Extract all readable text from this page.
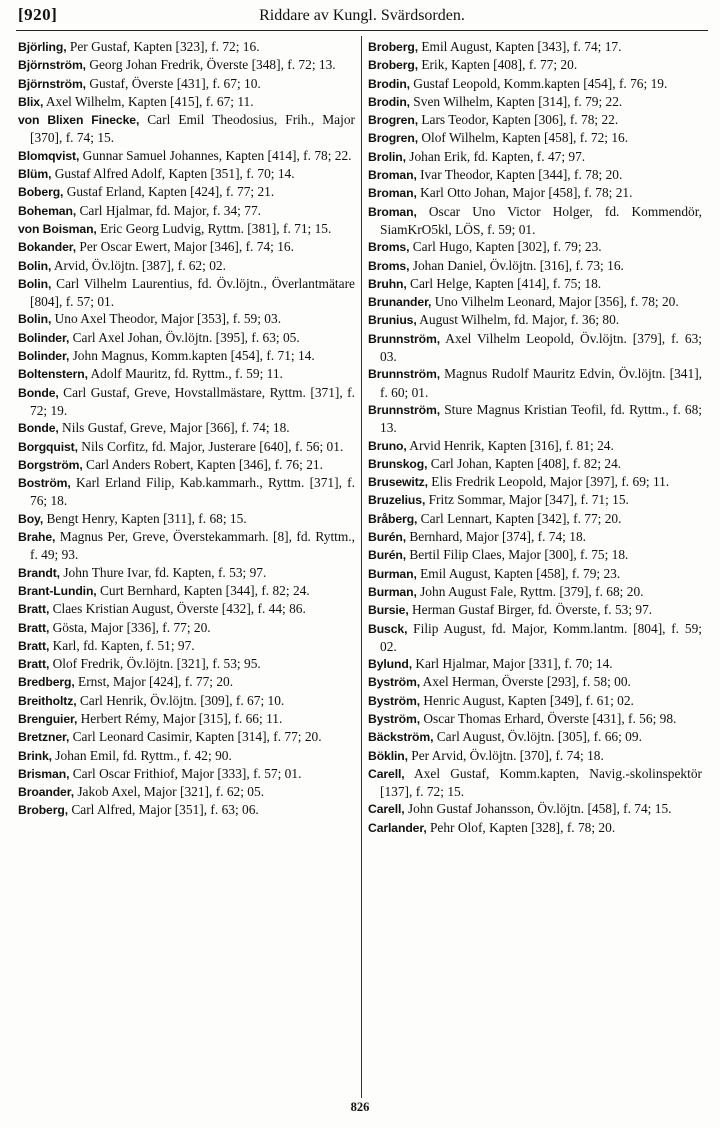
[920]	Riddare av Kungl. Svärdsorden.

Björling, Per Gustaf, Kapten [323], f. 72; 16.

Björnström, Georg Johan Fredrik, Överste [348], f. 72; 13.

Björnström, Gustaf, Överste [431], f. 67; 10.

Blix, Axel Wilhelm, Kapten [415], f. 67; 11.

von Blixen Finecke, Carl Emil Theodosius, Frih., Major [370], f. 74; 15.

Blomqvist, Gunnar Samuel Johannes, Kapten [414], f. 78; 22.

Blüm, Gustaf Alfred Adolf, Kapten [351], f. 70; 14.

Boberg, Gustaf Erland, Kapten [424], f. 77; 21.

Boheman, Carl Hjalmar, fd. Major, f. 34; 77.

von Boisman, Eric Georg Ludvig, Ryttm. [381], f. 71; 15.

Bokander, Per Oscar Ewert, Major [346], f. 74; 16.

Bolin, Arvid, Öv.löjtn. [387], f. 62; 02.

Bolin, Carl Vilhelm Laurentius, fd. Öv.löjtn., Överlantmätare [804], f. 57; 01.

Bolin, Uno Axel Theodor, Major [353], f. 59; 03.

Bolinder, Carl Axel Johan, Öv.löjtn. [395], f. 63; 05.

Bolinder, John Magnus, Komm.kapten [454], f. 71; 14.

Boltenstern, Adolf Mauritz, fd. Ryttm., f. 59; 11.

Bonde, Carl Gustaf, Greve, Hovstallmästare, Ryttm. [371], f. 72; 19.

Bonde, Nils Gustaf, Greve, Major [366], f. 74; 18.

Borgquist, Nils Corfitz, fd. Major, Justerare [640], f. 56; 01.

Borgström, Carl Anders Robert, Kapten [346], f. 76; 21.

Boström, Karl Erland Filip, Kab.kammarh., Ryttm. [371], f. 76; 18.

Boy, Bengt Henry, Kapten [311], f. 68; 15.

Brahe, Magnus Per, Greve, Överstekammarh. [8], fd. Ryttm., f. 49; 93.

Brandt, John Thure Ivar, fd. Kapten, f. 53; 97.

Brant-Lundin, Curt Bernhard, Kapten [344], f. 82; 24.

Bratt, Claes Kristian August, Överste [432], f. 44; 86.

Bratt, Gösta, Major [336], f. 77; 20.

Bratt, Karl, fd. Kapten, f. 51; 97.

Bratt, Olof Fredrik, Öv.löjtn. [321], f. 53; 95.

Bredberg, Ernst, Major [424], f. 77; 20.

Breitholtz, Carl Henrik, Öv.löjtn. [309], f. 67; 10.

Brenguier, Herbert Rémy, Major [315], f. 66; 11.

Bretzner, Carl Leonard Casimir, Kapten [314], f. 77; 20.

Brink, Johan Emil, fd. Ryttm., f. 42; 90.

Brisman, Carl Oscar Frithiof, Major [333], f. 57; 01.

Broander, Jakob Axel, Major [321], f. 62; 05.

Broberg, Carl Alfred, Major [351], f. 63; 06.

Broberg, Emil August, Kapten [343], f. 74; 17.

Broberg, Erik, Kapten [408], f. 77; 20.

Brodin, Gustaf Leopold, Komm.kapten [454], f. 76; 19.

Brodin, Sven Wilhelm, Kapten [314], f. 79; 22.

Brogren, Lars Teodor, Kapten [306], f. 78; 22.

Brogren, Olof Wilhelm, Kapten [458], f. 72; 16.

Brolin, Johan Erik, fd. Kapten, f. 47; 97.

Broman, Ivar Theodor, Kapten [344], f. 78; 20.

Broman, Karl Otto Johan, Major [458], f. 78; 21.

Broman, Oscar Uno Victor Holger, fd. Kommendör, SiamKrO5kl, LÖS, f. 59; 01.

Broms, Carl Hugo, Kapten [302], f. 79; 23.

Broms, Johan Daniel, Öv.löjtn. [316], f. 73; 16.

Bruhn, Carl Helge, Kapten [414], f. 75; 18.

Brunander, Uno Vilhelm Leonard, Major [356], f. 78; 20.

Brunius, August Wilhelm, fd. Major, f. 36; 80.

Brunnström, Axel Vilhelm Leopold, Öv.löjtn. [379], f. 63; 03.

Brunnström, Magnus Rudolf Mauritz Edvin, Öv.löjtn. [341], f. 60; 01.

Brunnström, Sture Magnus Kristian Teofil, fd. Ryttm., f. 68; 13.

Bruno, Arvid Henrik, Kapten [316], f. 81; 24.

Brunskog, Carl Johan, Kapten [408], f. 82; 24.

Brusewitz, Elis Fredrik Leopold, Major [397], f. 69; 11.

Bruzelius, Fritz Sommar, Major [347], f. 71; 15.

Bråberg, Carl Lennart, Kapten [342], f. 77; 20.

Burén, Bernhard, Major [374], f. 74; 18.

Burén, Bertil Filip Claes, Major [300], f. 75; 18.

Burman, Emil August, Kapten [458], f. 79; 23.

Burman, John August Fale, Ryttm. [379], f. 68; 20.

Bursie, Herman Gustaf Birger, fd. Överste, f. 53; 97.

Busck, Filip August, fd. Major, Komm.lantm. [804], f. 59; 02.

Bylund, Karl Hjalmar, Major [331], f. 70; 14.

Byström, Axel Herman, Överste [293], f. 58; 00.

Byström, Henric August, Kapten [349], f. 61; 02.

Byström, Oscar Thomas Erhard, Överste [431], f. 56; 98.

Bäckström, Carl August, Öv.löjtn. [305], f. 66; 09.

Böklin, Per Arvid, Öv.löjtn. [370], f. 74; 18.

Carell, Axel Gustaf, Komm.kapten, Navig.-skolinspektör [137], f. 72; 15.

Carell, John Gustaf Johansson, Öv.löjtn. [458], f. 74; 15.

Carlander, Pehr Olof, Kapten [328], f. 78; 20.

826
